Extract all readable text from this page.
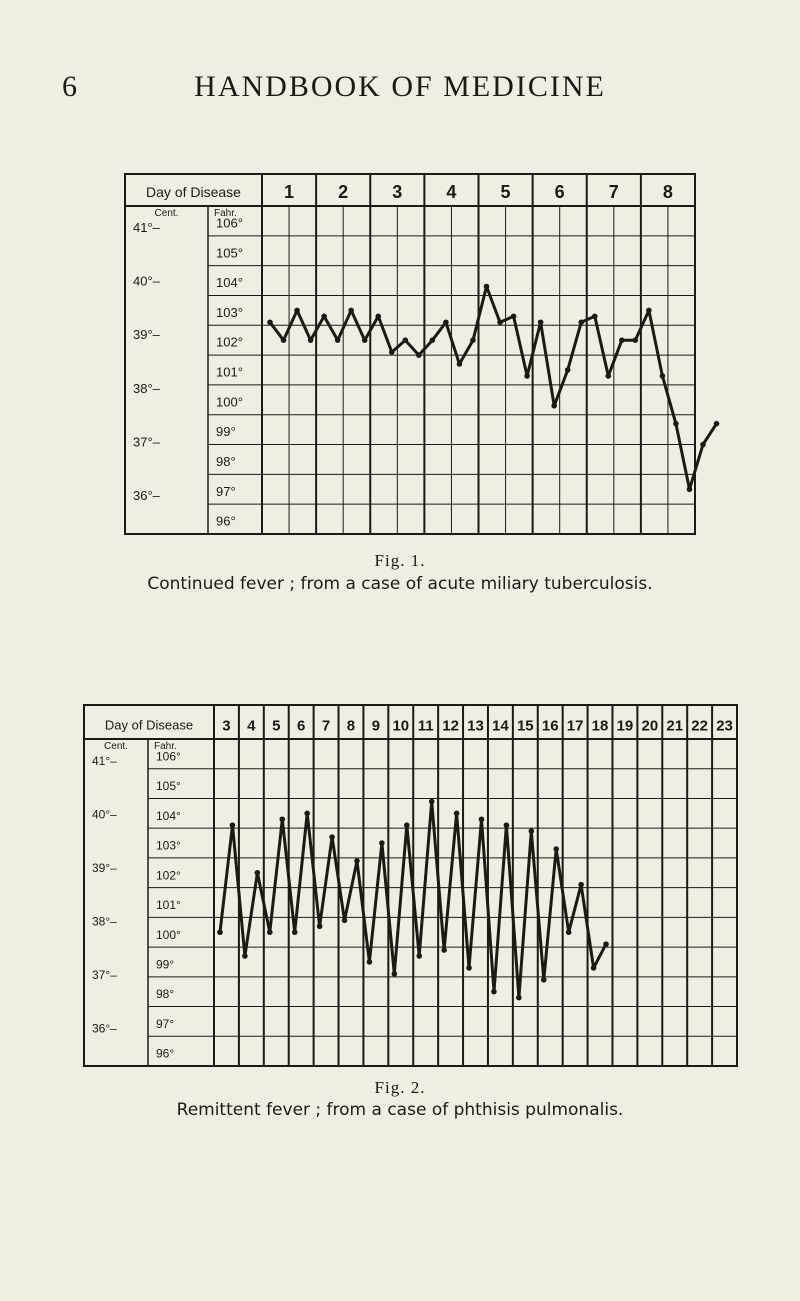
6	HANDBOOK OF MEDICINE
Day of Disease
Cent.	Fahr.
1 2 3 4 5 6 7 8
106°
105°
104°
103°
102°
101°
100°
99°
98°
97°
96°
41°–
40°–
39°–
38°–
37°–
36°–
Fig. 1.
Continued fever ; from a case of acute miliary tuberculosis.
Day of Disease
Cent.	Fahr.
3 4 5 6 7 8 9 10 11 12 13 14 15 16 17 18 19 20 21 22 23
106°
105°
104°
103°
102°
101°
100°
99°
98°
97°
96°
41°–
40°–
39°–
38°–
37°–
36°–
Fig. 2.
Remittent fever ; from a case of phthisis pulmonalis.
